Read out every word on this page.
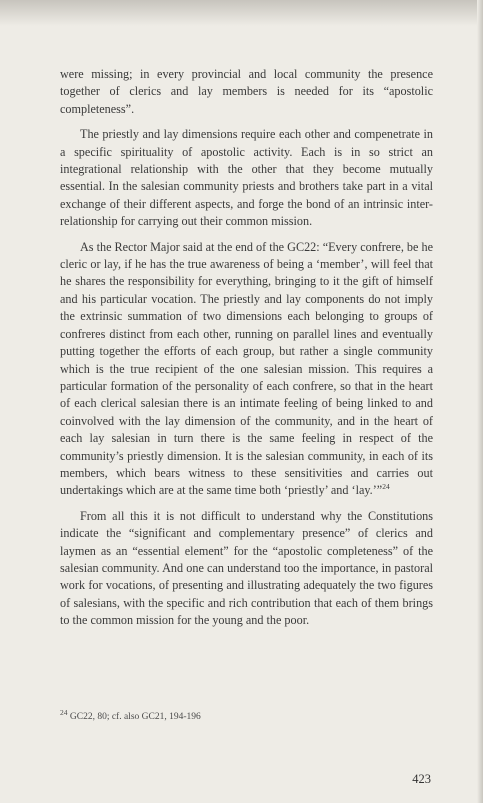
were missing; in every provincial and local community the presence together of clerics and lay members is needed for its “apostolic completeness”.

The priestly and lay dimensions require each other and compenetrate in a specific spirituality of apostolic activity. Each is in so strict an integrational relationship with the other that they become mutually essential. In the salesian community priests and brothers take part in a vital exchange of their different aspects, and forge the bond of an intrinsic inter-relationship for carrying out their common mission.

As the Rector Major said at the end of the GC22: “Every confrere, be he cleric or lay, if he has the true awareness of being a ‘member’, will feel that he shares the responsibility for everything, bringing to it the gift of himself and his particular vocation. The priestly and lay components do not imply the extrinsic summation of two dimensions each belonging to groups of confreres distinct from each other, running on parallel lines and eventually putting together the efforts of each group, but rather a single community which is the true recipient of the one salesian mission. This requires a particular formation of the personality of each confrere, so that in the heart of each clerical salesian there is an intimate feeling of being linked to and coinvolved with the lay dimension of the community, and in the heart of each lay salesian in turn there is the same feeling in respect of the community’s priestly dimension. It is the salesian community, in each of its members, which bears witness to these sensitivities and carries out undertakings which are at the same time both ‘priestly’ and ‘lay.’”$^{24}$

From all this it is not difficult to understand why the Constitutions indicate the “significant and complementary presence” of clerics and laymen as an “essential element” for the “apostolic completeness” of the salesian community. And one can understand too the importance, in pastoral work for vocations, of presenting and illustrating adequately the two figures of salesians, with the specific and rich contribution that each of them brings to the common mission for the young and the poor.

$^{24}$ GC22, 80; cf. also GC21, 194-196
423
